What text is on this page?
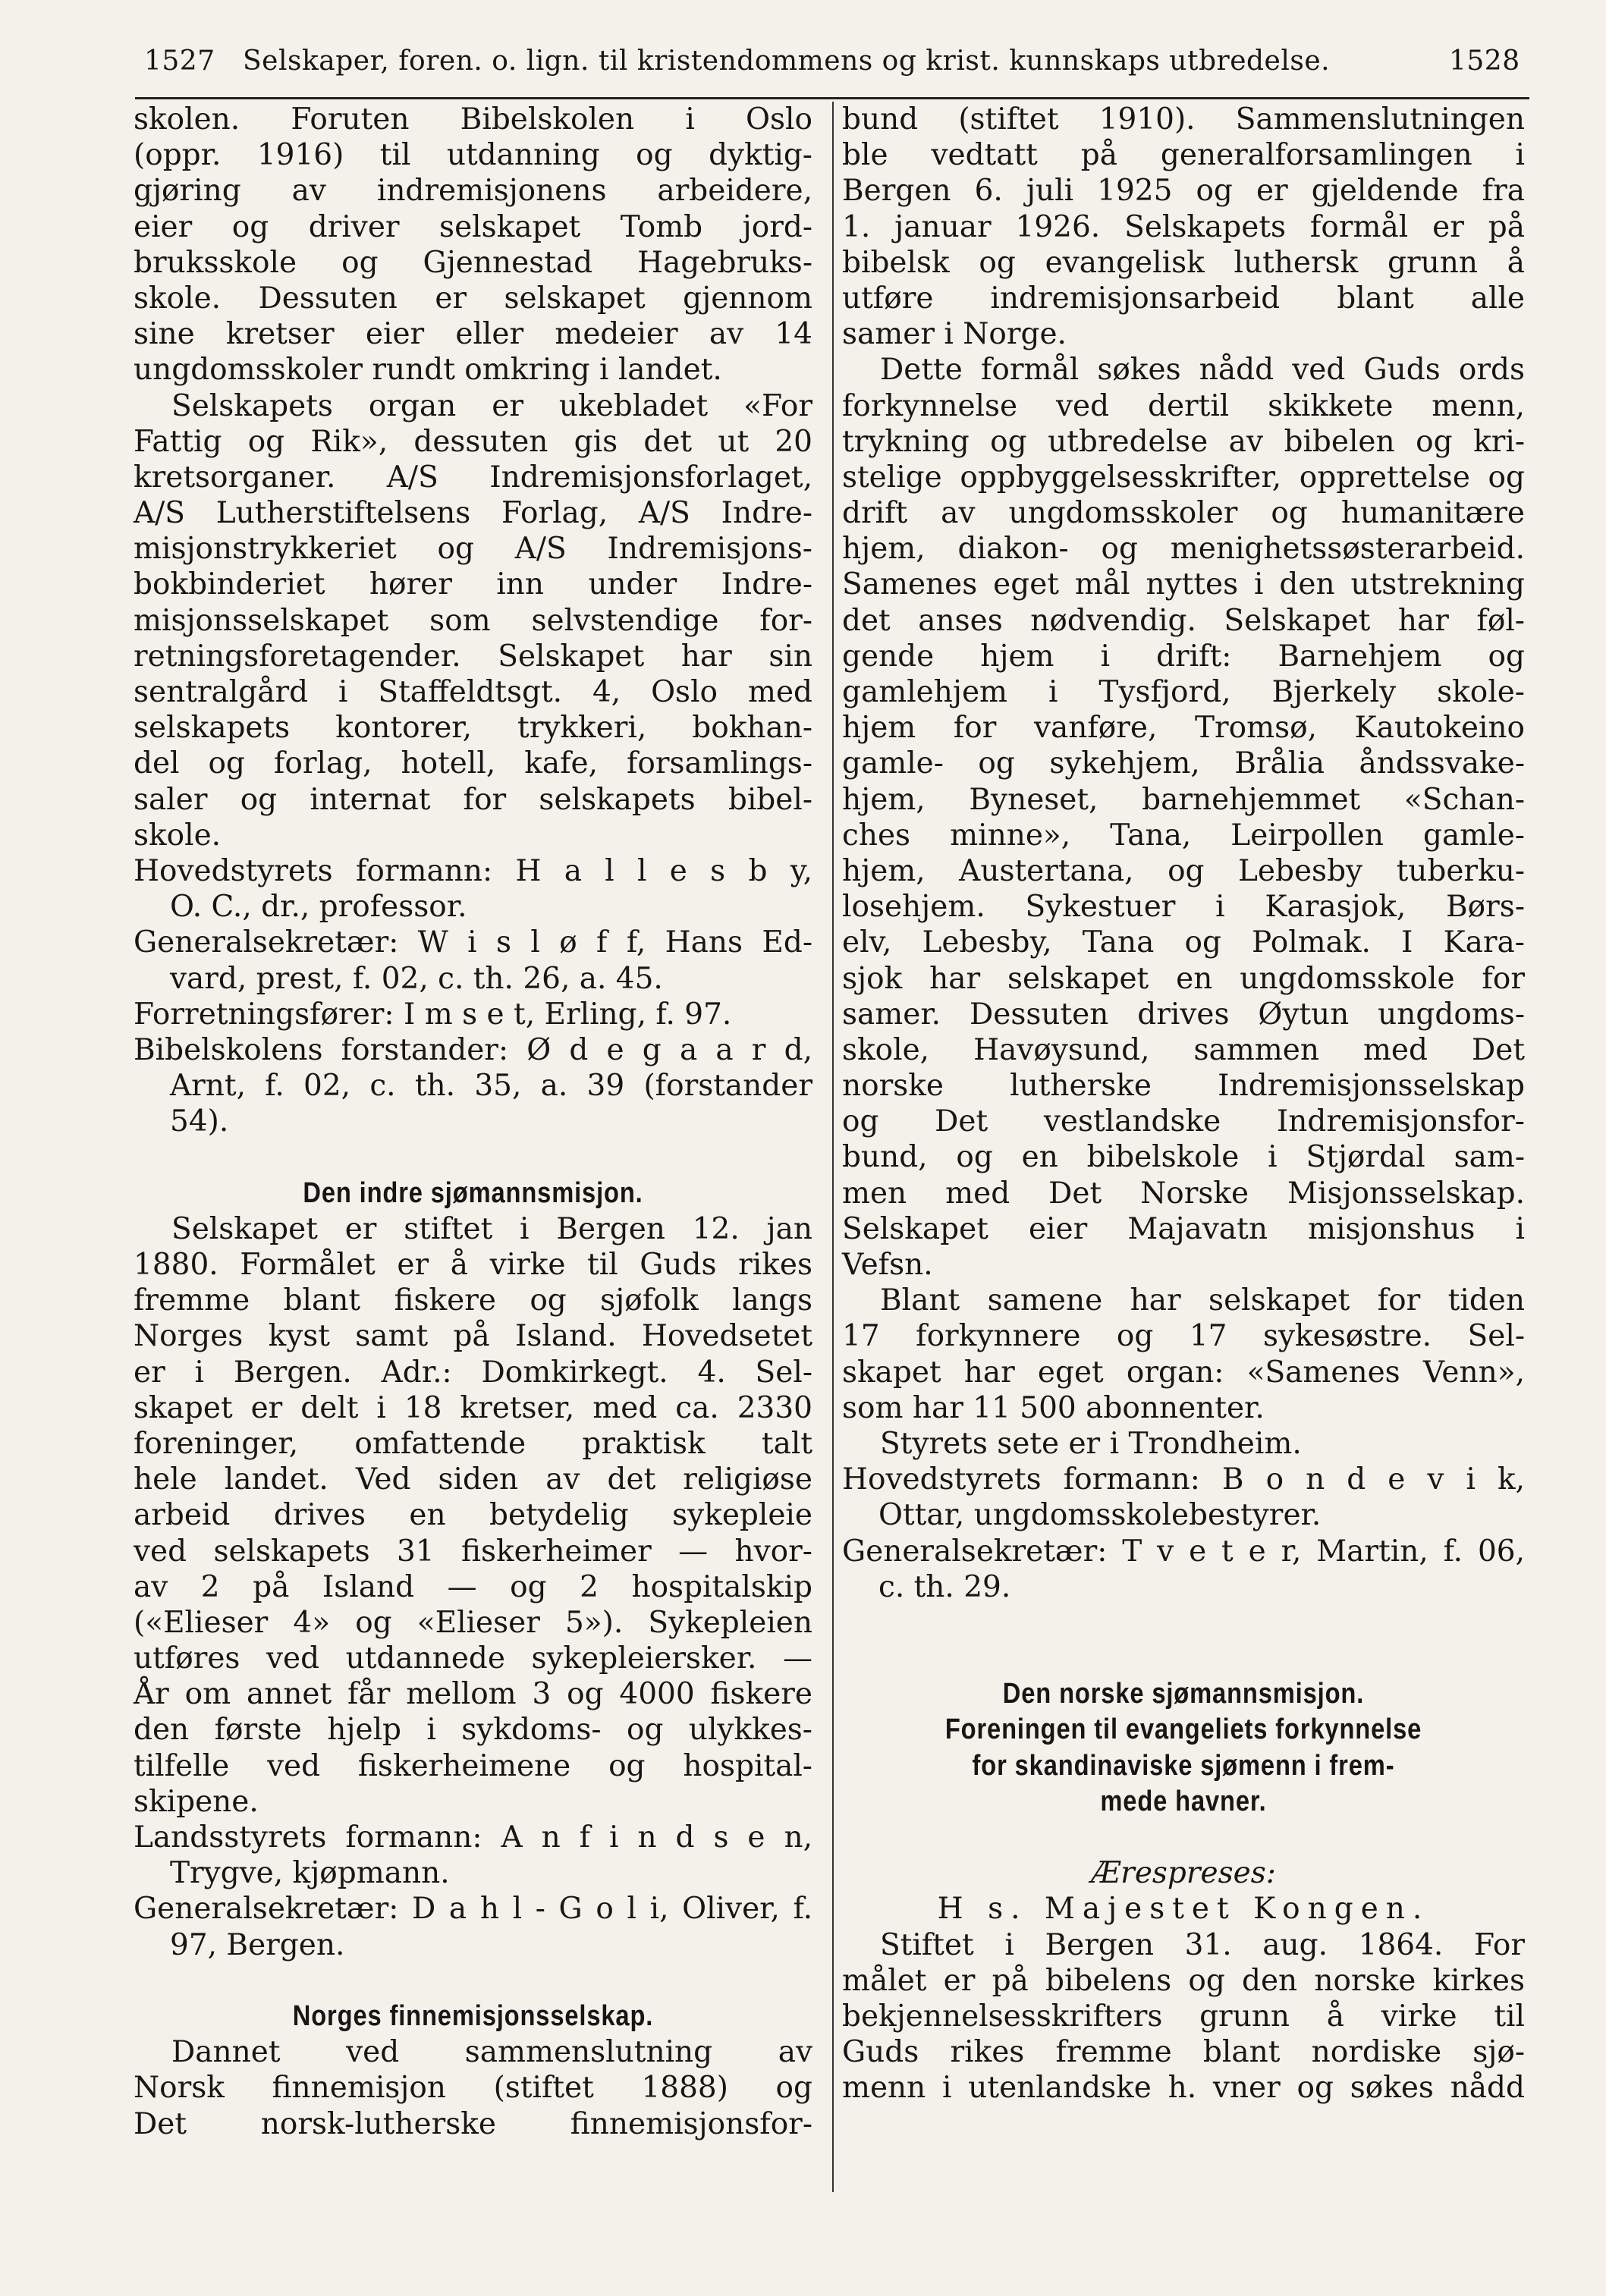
1527 Selskaper, foren. o. lign. til kristendommens og krist. kunnskaps utbredelse.	1528
skolen. Foruten Bibelskolen i Oslo
(oppr. 1916) til utdanning og dyktig-
gjøring av indremisjonens arbeidere,
eier og driver selskapet Tomb jord-
bruksskole og Gjennestad Hagebruks-
skole. Dessuten er selskapet gjennom
sine kretser eier eller medeier av 14
ungdomsskoler rundt omkring i landet.
Selskapets organ er ukebladet «For
Fattig og Rik», dessuten gis det ut 20
kretsorganer. A/S Indremisjonsforlaget,
A/S Lutherstiftelsens Forlag, A/S Indre-
misjonstrykkeriet og A/S Indremisjons-
bokbinderiet hører inn under Indre-
misjonsselskapet som selvstendige for-
retningsforetagender. Selskapet har sin
sentralgård i Staffeldtsgt. 4, Oslo med
selskapets kontorer, trykkeri, bokhan-
del og forlag, hotell, kafe, forsamlings-
saler og internat for selskapets bibel-
skole.
Hovedstyrets formann: H a l l e s b y,
O. C., dr., professor.
Generalsekretær: W i s l ø f f, Hans Ed-
vard, prest, f. 02, c. th. 26, a. 45.
Forretningsfører: I m s e t, Erling, f. 97.
Bibelskolens forstander: Ø d e g a a r d,
Arnt, f. 02, c. th. 35, a. 39 (forstander
54).
Den indre sjømannsmisjon.
Selskapet er stiftet i Bergen 12. jan
1880. Formålet er å virke til Guds rikes
fremme blant fiskere og sjøfolk langs
Norges kyst samt på Island. Hovedsetet
er i Bergen. Adr.: Domkirkegt. 4. Sel-
skapet er delt i 18 kretser, med ca. 2330
foreninger, omfattende praktisk talt
hele landet. Ved siden av det religiøse
arbeid drives en betydelig sykepleie
ved selskapets 31 fiskerheimer — hvor-
av 2 på Island — og 2 hospitalskip
(«Elieser 4» og «Elieser 5»). Sykepleien
utføres ved utdannede sykepleiersker. —
År om annet får mellom 3 og 4000 fiskere
den første hjelp i sykdoms- og ulykkes-
tilfelle ved fiskerheimene og hospital-
skipene.
Landsstyrets formann: A n f i n d s e n,
Trygve, kjøpmann.
Generalsekretær: D a h l - G o l i, Oliver, f.
97, Bergen.
Norges finnemisjonsselskap.
Dannet ved sammenslutning av
Norsk finnemisjon (stiftet 1888) og
Det norsk-lutherske finnemisjonsfor-
bund (stiftet 1910). Sammenslutningen
ble vedtatt på generalforsamlingen i
Bergen 6. juli 1925 og er gjeldende fra
1. januar 1926. Selskapets formål er på
bibelsk og evangelisk luthersk grunn å
utføre indremisjonsarbeid blant alle
samer i Norge.
Dette formål søkes nådd ved Guds ords
forkynnelse ved dertil skikkete menn,
trykning og utbredelse av bibelen og kri-
stelige oppbyggelsesskrifter, opprettelse og
drift av ungdomsskoler og humanitære
hjem, diakon- og menighetssøsterarbeid.
Samenes eget mål nyttes i den utstrekning
det anses nødvendig. Selskapet har føl-
gende hjem i drift: Barnehjem og
gamlehjem i Tysfjord, Bjerkely skole-
hjem for vanføre, Tromsø, Kautokeino
gamle- og sykehjem, Brålia åndssvake-
hjem, Byneset, barnehjemmet «Schan-
ches minne», Tana, Leirpollen gamle-
hjem, Austertana, og Lebesby tuberku-
losehjem. Sykestuer i Karasjok, Børs-
elv, Lebesby, Tana og Polmak. I Kara-
sjok har selskapet en ungdomsskole for
samer. Dessuten drives Øytun ungdoms-
skole, Havøysund, sammen med Det
norske lutherske Indremisjonsselskap
og Det vestlandske Indremisjonsfor-
bund, og en bibelskole i Stjørdal sam-
men med Det Norske Misjonsselskap.
Selskapet eier Majavatn misjonshus i
Vefsn.
Blant samene har selskapet for tiden
17 forkynnere og 17 sykesøstre. Sel-
skapet har eget organ: «Samenes Venn»,
som har 11 500 abonnenter.
Styrets sete er i Trondheim.
Hovedstyrets formann: B o n d e v i k,
Ottar, ungdomsskolebestyrer.
Generalsekretær: T v e t e r, Martin, f. 06,
c. th. 29.
Den norske sjømannsmisjon.
Foreningen til evangeliets forkynnelse
for skandinaviske sjømenn i frem-
mede havner.
Ærespreses:
H s. Majestet Kongen.
Stiftet i Bergen 31. aug. 1864. For
målet er på bibelens og den norske kirkes
bekjennelsesskrifters grunn å virke til
Guds rikes fremme blant nordiske sjø-
menn i utenlandske h. vner og søkes nådd
